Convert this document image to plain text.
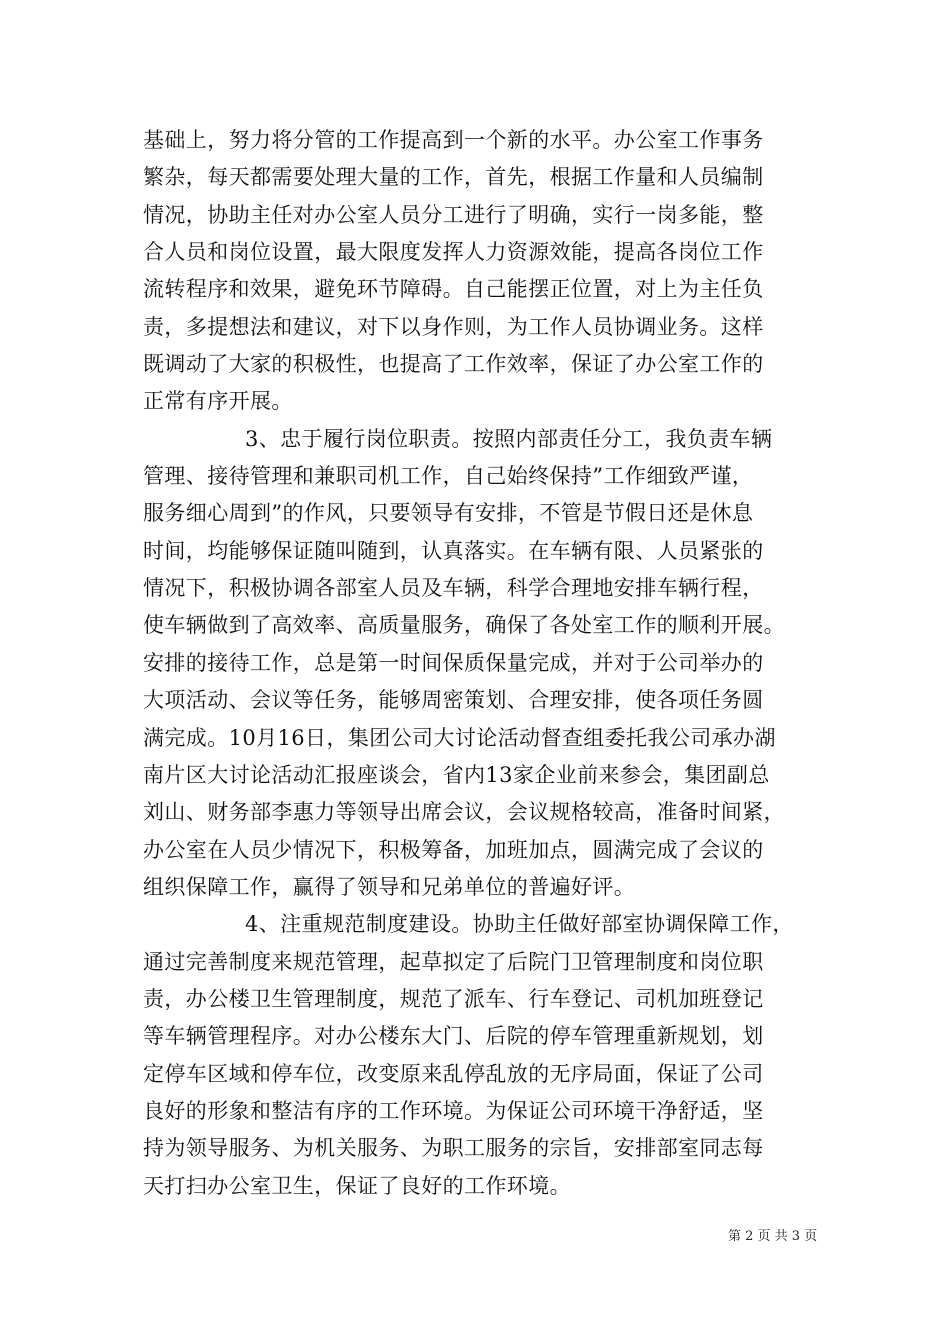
基础上，努力将分管的工作提高到一个新的水平。办公室工作事务
繁杂，每天都需要处理大量的工作，首先，根据工作量和人员编制
情况，协助主任对办公室人员分工进行了明确，实行一岗多能，整
合人员和岗位设置，最大限度发挥人力资源效能，提高各岗位工作
流转程序和效果，避免环节障碍。自己能摆正位置，对上为主任负
责，多提想法和建议，对下以身作则，为工作人员协调业务。这样
既调动了大家的积极性，也提高了工作效率，保证了办公室工作的
正常有序开展。
3、忠于履行岗位职责。按照内部责任分工，我负责车辆
管理、接待管理和兼职司机工作，自己始终保持”工作细致严谨，
服务细心周到”的作风，只要领导有安排，不管是节假日还是休息
时间，均能够保证随叫随到，认真落实。在车辆有限、人员紧张的
情况下，积极协调各部室人员及车辆，科学合理地安排车辆行程，
使车辆做到了高效率、高质量服务，确保了各处室工作的顺利开展。
安排的接待工作，总是第一时间保质保量完成，并对于公司举办的
大项活动、会议等任务，能够周密策划、合理安排，使各项任务圆
满完成。10月16日，集团公司大讨论活动督查组委托我公司承办湖
南片区大讨论活动汇报座谈会，省内13家企业前来参会，集团副总
刘山、财务部李惠力等领导出席会议，会议规格较高，准备时间紧，
办公室在人员少情况下，积极筹备，加班加点，圆满完成了会议的
组织保障工作，赢得了领导和兄弟单位的普遍好评。
4、注重规范制度建设。协助主任做好部室协调保障工作，
通过完善制度来规范管理，起草拟定了后院门卫管理制度和岗位职
责，办公楼卫生管理制度，规范了派车、行车登记、司机加班登记
等车辆管理程序。对办公楼东大门、后院的停车管理重新规划，划
定停车区域和停车位，改变原来乱停乱放的无序局面，保证了公司
良好的形象和整洁有序的工作环境。为保证公司环境干净舒适，坚
持为领导服务、为机关服务、为职工服务的宗旨，安排部室同志每
天打扫办公室卫生，保证了良好的工作环境。
第 2 页 共 3 页
